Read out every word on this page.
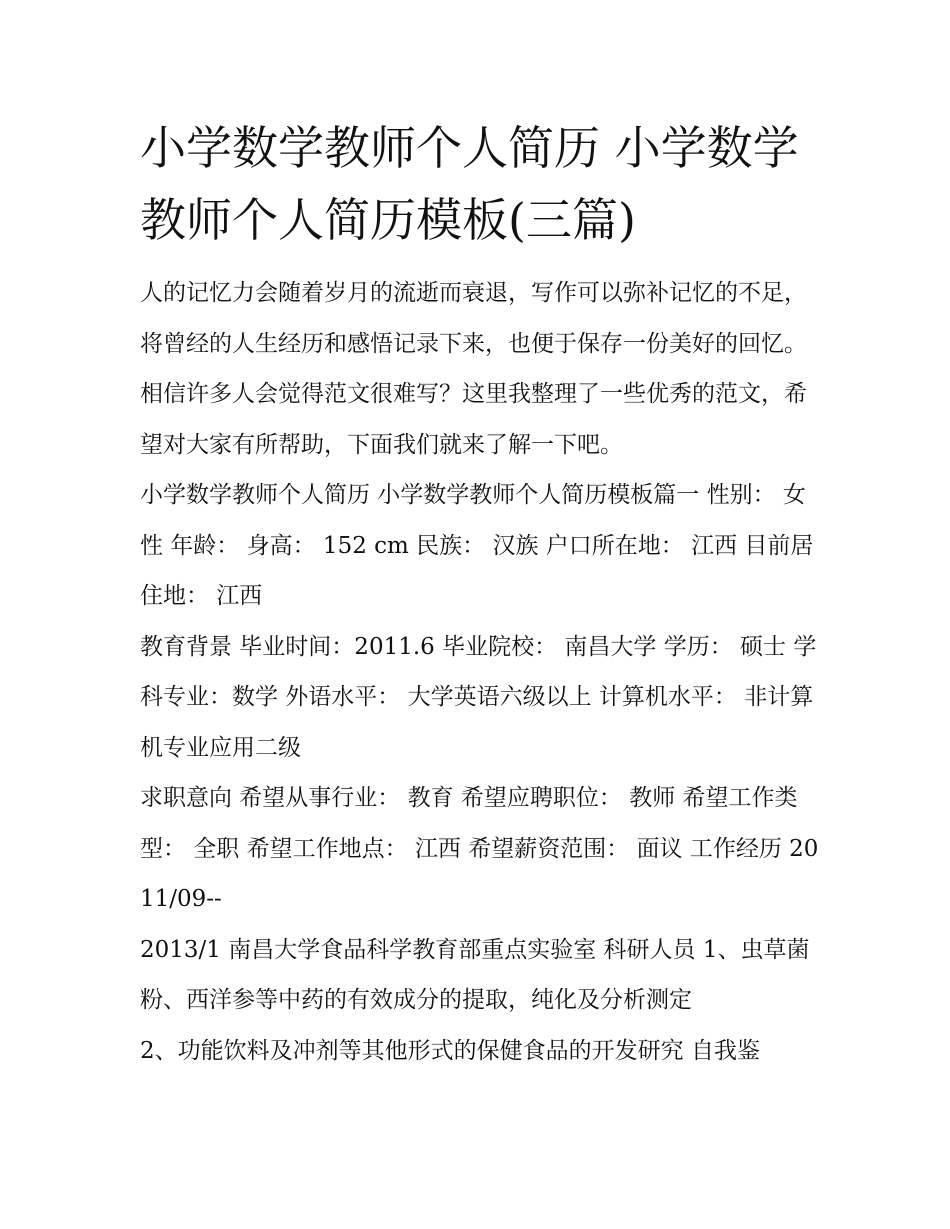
小学数学教师个人简历 小学数学教师个人简历模板(三篇)

人的记忆力会随着岁月的流逝而衰退，写作可以弥补记忆的不足，将曾经的人生经历和感悟记录下来，也便于保存一份美好的回忆。相信许多人会觉得范文很难写？这里我整理了一些优秀的范文，希望对大家有所帮助，下面我们就来了解一下吧。

小学数学教师个人简历 小学数学教师个人简历模板篇一 性别： 女性 年龄： 身高： 152 cm 民族： 汉族 户口所在地： 江西 目前居住地： 江西

教育背景 毕业时间：2011.6 毕业院校： 南昌大学 学历： 硕士 学科专业：数学 外语水平： 大学英语六级以上 计算机水平： 非计算机专业应用二级

求职意向 希望从事行业： 教育 希望应聘职位： 教师 希望工作类型： 全职 希望工作地点： 江西 希望薪资范围： 面议 工作经历 2011/09--

2013/1 南昌大学食品科学教育部重点实验室 科研人员 1、虫草菌粉、西洋参等中药的有效成分的提取，纯化及分析测定

2、功能饮料及冲剂等其他形式的保健食品的开发研究 自我鉴
